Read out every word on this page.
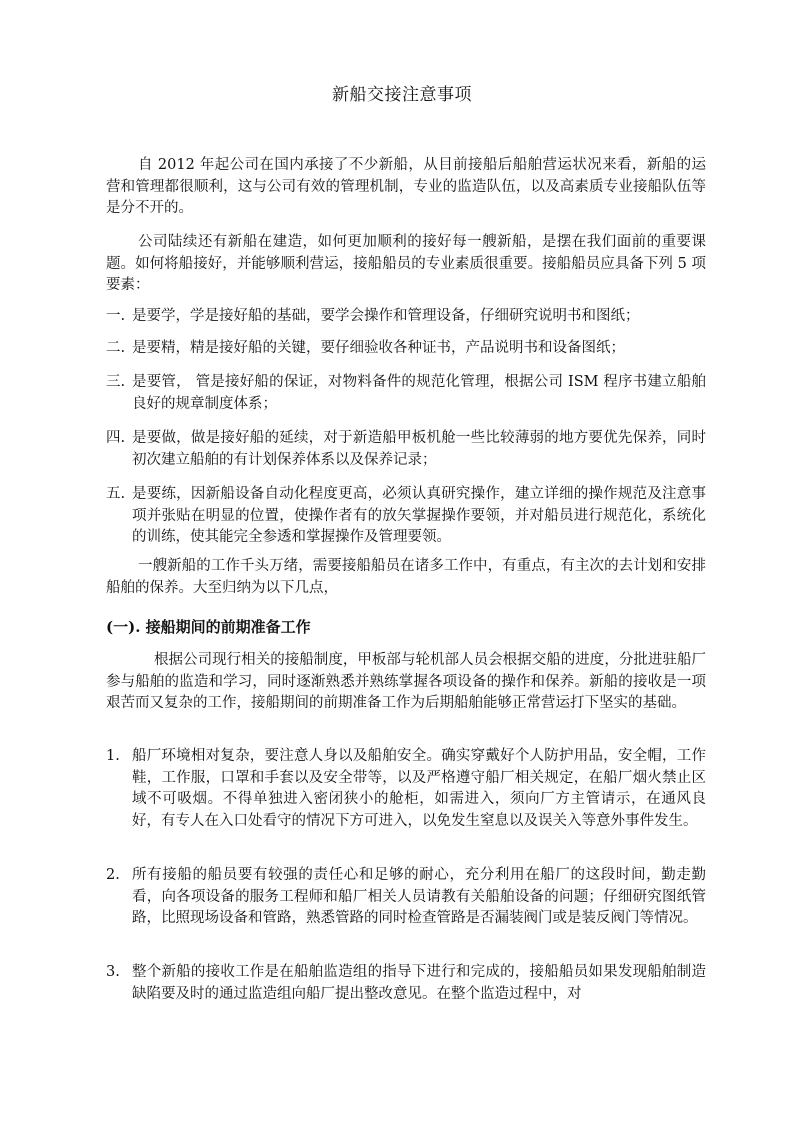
新船交接注意事项

自 2012 年起公司在国内承接了不少新船，从目前接船后船舶营运状况来看，新船的运营和管理都很顺利，这与公司有效的管理机制，专业的监造队伍，以及高素质专业接船队伍等是分不开的。

公司陆续还有新船在建造，如何更加顺利的接好每一艘新船，是摆在我们面前的重要课题。如何将船接好，并能够顺利营运，接船船员的专业素质很重要。接船船员应具备下列 5 项要素：

一. 是要学，学是接好船的基础，要学会操作和管理设备，仔细研究说明书和图纸；
二. 是要精，精是接好船的关键，要仔细验收各种证书，产品说明书和设备图纸；
三. 是要管， 管是接好船的保证，对物料备件的规范化管理，根据公司 ISM 程序书建立船舶良好的规章制度体系；
四. 是要做，做是接好船的延续，对于新造船甲板机舱一些比较薄弱的地方要优先保养，同时初次建立船舶的有计划保养体系以及保养记录；
五. 是要练，因新船设备自动化程度更高，必须认真研究操作，建立详细的操作规范及注意事项并张贴在明显的位置，使操作者有的放矢掌握操作要领，并对船员进行规范化，系统化的训练，使其能完全参透和掌握操作及管理要领。

一艘新船的工作千头万绪，需要接船船员在诸多工作中，有重点，有主次的去计划和安排船舶的保养。大至归纳为以下几点，

(一). 接船期间的前期准备工作

根据公司现行相关的接船制度，甲板部与轮机部人员会根据交船的进度，分批进驻船厂参与船舶的监造和学习，同时逐渐熟悉并熟练掌握各项设备的操作和保养。新船的接收是一项艰苦而又复杂的工作，接船期间的前期准备工作为后期船舶能够正常营运打下坚实的基础。

1. 船厂环境相对复杂，要注意人身以及船舶安全。确实穿戴好个人防护用品，安全帽，工作鞋，工作服，口罩和手套以及安全带等，以及严格遵守船厂相关规定，在船厂烟火禁止区域不可吸烟。不得单独进入密闭狭小的舱柜，如需进入，须向厂方主管请示，在通风良好，有专人在入口处看守的情况下方可进入，以免发生窒息以及误关入等意外事件发生。
2. 所有接船的船员要有较强的责任心和足够的耐心，充分利用在船厂的这段时间，勤走勤看，向各项设备的服务工程师和船厂相关人员请教有关船舶设备的问题；仔细研究图纸管路，比照现场设备和管路，熟悉管路的同时检查管路是否漏装阀门或是装反阀门等情况。
3. 整个新船的接收工作是在船舶监造组的指导下进行和完成的，接船船员如果发现船舶制造缺陷要及时的通过监造组向船厂提出整改意见。在整个监造过程中，对
